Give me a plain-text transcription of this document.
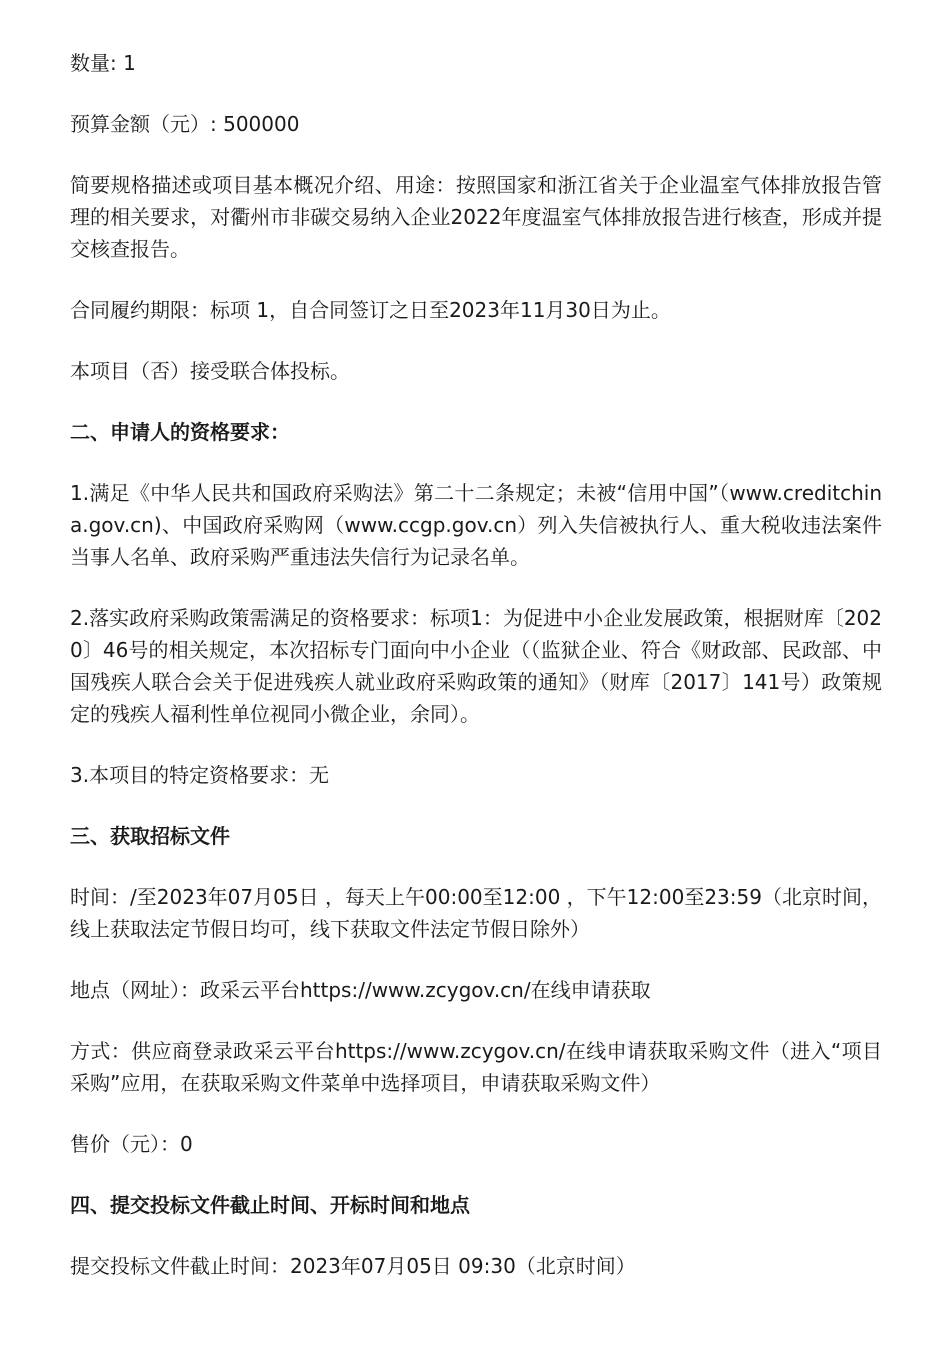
数量: 1

预算金额（元）: 500000

简要规格描述或项目基本概况介绍、用途：按照国家和浙江省关于企业温室气体排放报告管理的相关要求，对衢州市非碳交易纳入企业2022年度温室气体排放报告进行核查，形成并提交核查报告。

合同履约期限：标项 1，自合同签订之日至2023年11月30日为止。

本项目（否）接受联合体投标。

二、申请人的资格要求：

1.满足《中华人民共和国政府采购法》第二十二条规定；未被“信用中国”（www.creditchina.gov.cn)、中国政府采购网（www.ccgp.gov.cn）列入失信被执行人、重大税收违法案件当事人名单、政府采购严重违法失信行为记录名单。

2.落实政府采购政策需满足的资格要求：标项1：为促进中小企业发展政策，根据财库〔2020〕46号的相关规定，本次招标专门面向中小企业（（监狱企业、符合《财政部、民政部、中国残疾人联合会关于促进残疾人就业政府采购政策的通知》（财库〔2017〕141号）政策规定的残疾人福利性单位视同小微企业，余同）。

3.本项目的特定资格要求：无

三、获取招标文件

时间：/至2023年07月05日 ，每天上午00:00至12:00 ，下午12:00至23:59（北京时间，线上获取法定节假日均可，线下获取文件法定节假日除外）

地点（网址）：政采云平台https://www.zcygov.cn/在线申请获取

方式：供应商登录政采云平台https://www.zcygov.cn/在线申请获取采购文件（进入“项目采购”应用，在获取采购文件菜单中选择项目，申请获取采购文件）

售价（元）：0

四、提交投标文件截止时间、开标时间和地点

提交投标文件截止时间：2023年07月05日 09:30（北京时间）
